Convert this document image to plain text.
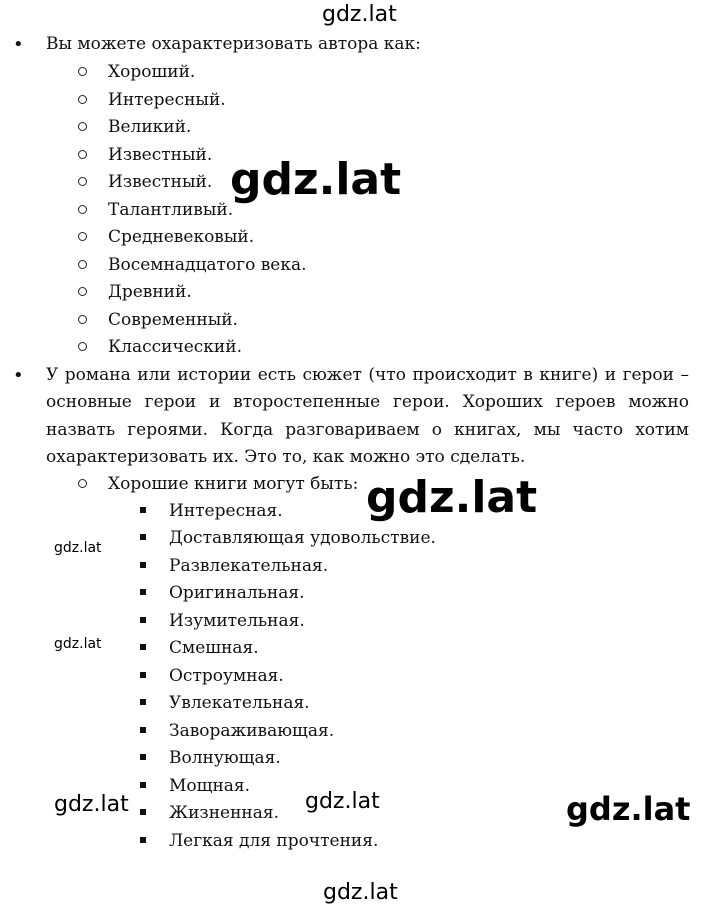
• Вы можете охарактеризовать автора как:
Хороший.
Интересный.
Великий.
Известный.
Известный.
Талантливый.
Средневековый.
Восемнадцатого века.
Древний.
Современный.
Классический.
• У романа или истории есть сюжет (что происходит в книге) и герои –
основные герои и второстепенные герои. Хороших героев можно
назвать героями. Когда разговариваем о книгах, мы часто хотим
охарактеризовать их. Это то, как можно это сделать.
Хорошие книги могут быть:
Интересная.
Доставляющая удовольствие.
Развлекательная.
Оригинальная.
Изумительная.
Смешная.
Остроумная.
Увлекательная.
Завораживающая.
Волнующая.
Мощная.
Жизненная.
Легкая для прочтения.
gdz.lat
gdz.lat
gdz.lat
gdz.lat
gdz.lat
gdz.lat	gdz.lat	gdz.lat
gdz.lat
